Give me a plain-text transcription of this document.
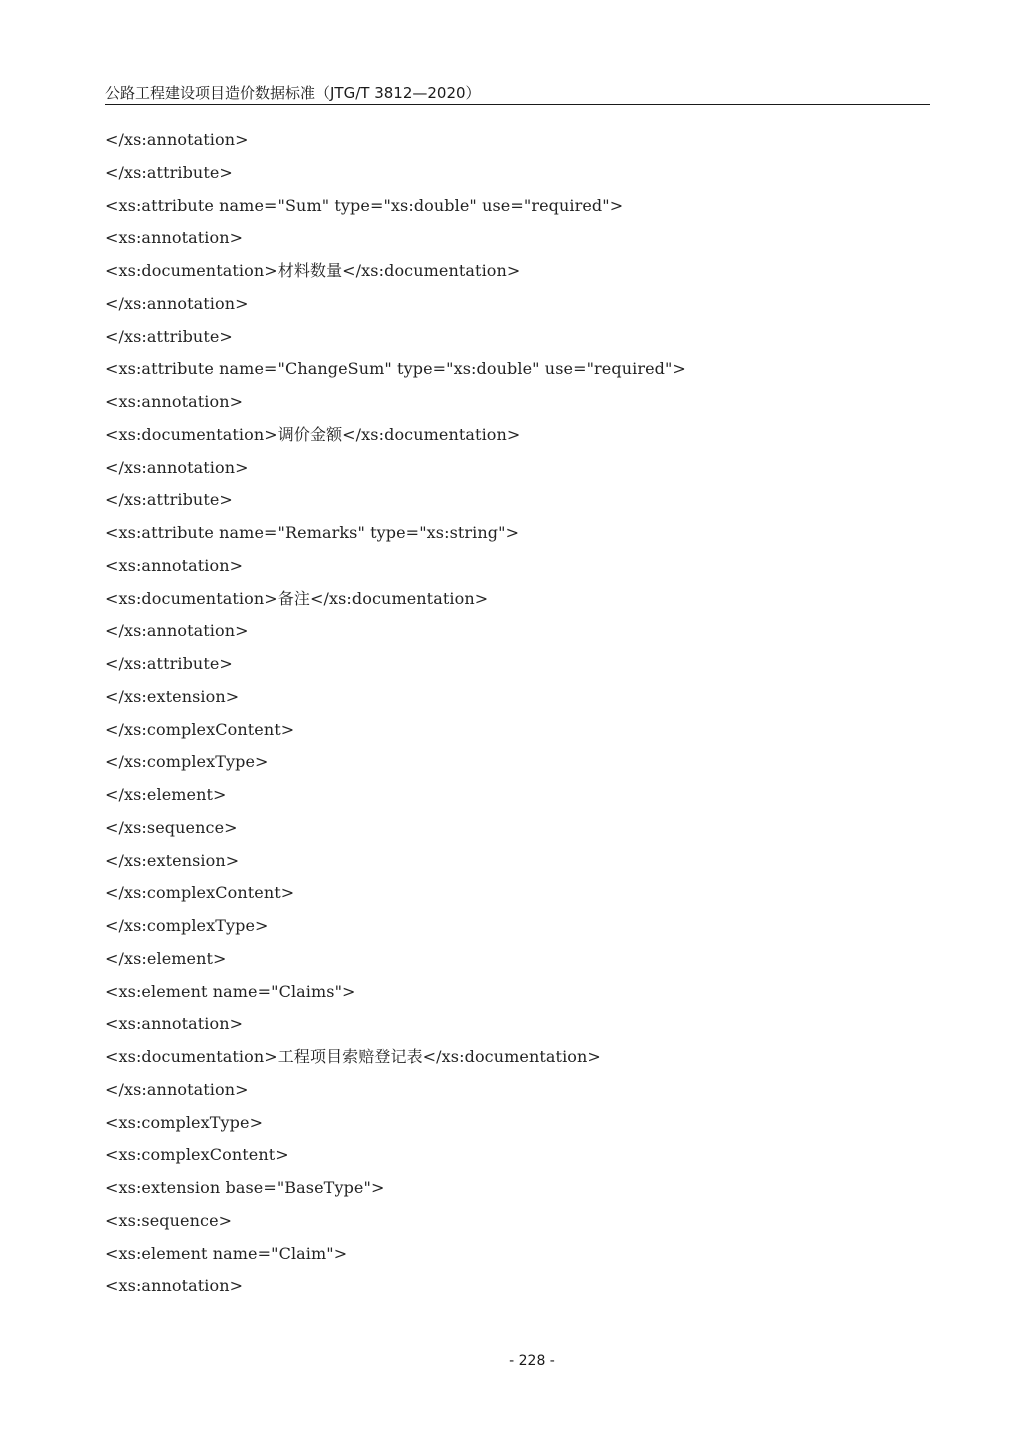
公路工程建设项目造价数据标准（JTG/T 3812—2020）
</xs:annotation>
</xs:attribute>
<xs:attribute name="Sum" type="xs:double" use="required">
<xs:annotation>
<xs:documentation>材料数量</xs:documentation>
</xs:annotation>
</xs:attribute>
<xs:attribute name="ChangeSum" type="xs:double" use="required">
<xs:annotation>
<xs:documentation>调价金额</xs:documentation>
</xs:annotation>
</xs:attribute>
<xs:attribute name="Remarks" type="xs:string">
<xs:annotation>
<xs:documentation>备注</xs:documentation>
</xs:annotation>
</xs:attribute>
</xs:extension>
</xs:complexContent>
</xs:complexType>
</xs:element>
</xs:sequence>
</xs:extension>
</xs:complexContent>
</xs:complexType>
</xs:element>
<xs:element name="Claims">
<xs:annotation>
<xs:documentation>工程项目索赔登记表</xs:documentation>
</xs:annotation>
<xs:complexType>
<xs:complexContent>
<xs:extension base="BaseType">
<xs:sequence>
<xs:element name="Claim">
<xs:annotation>
- 228 -
